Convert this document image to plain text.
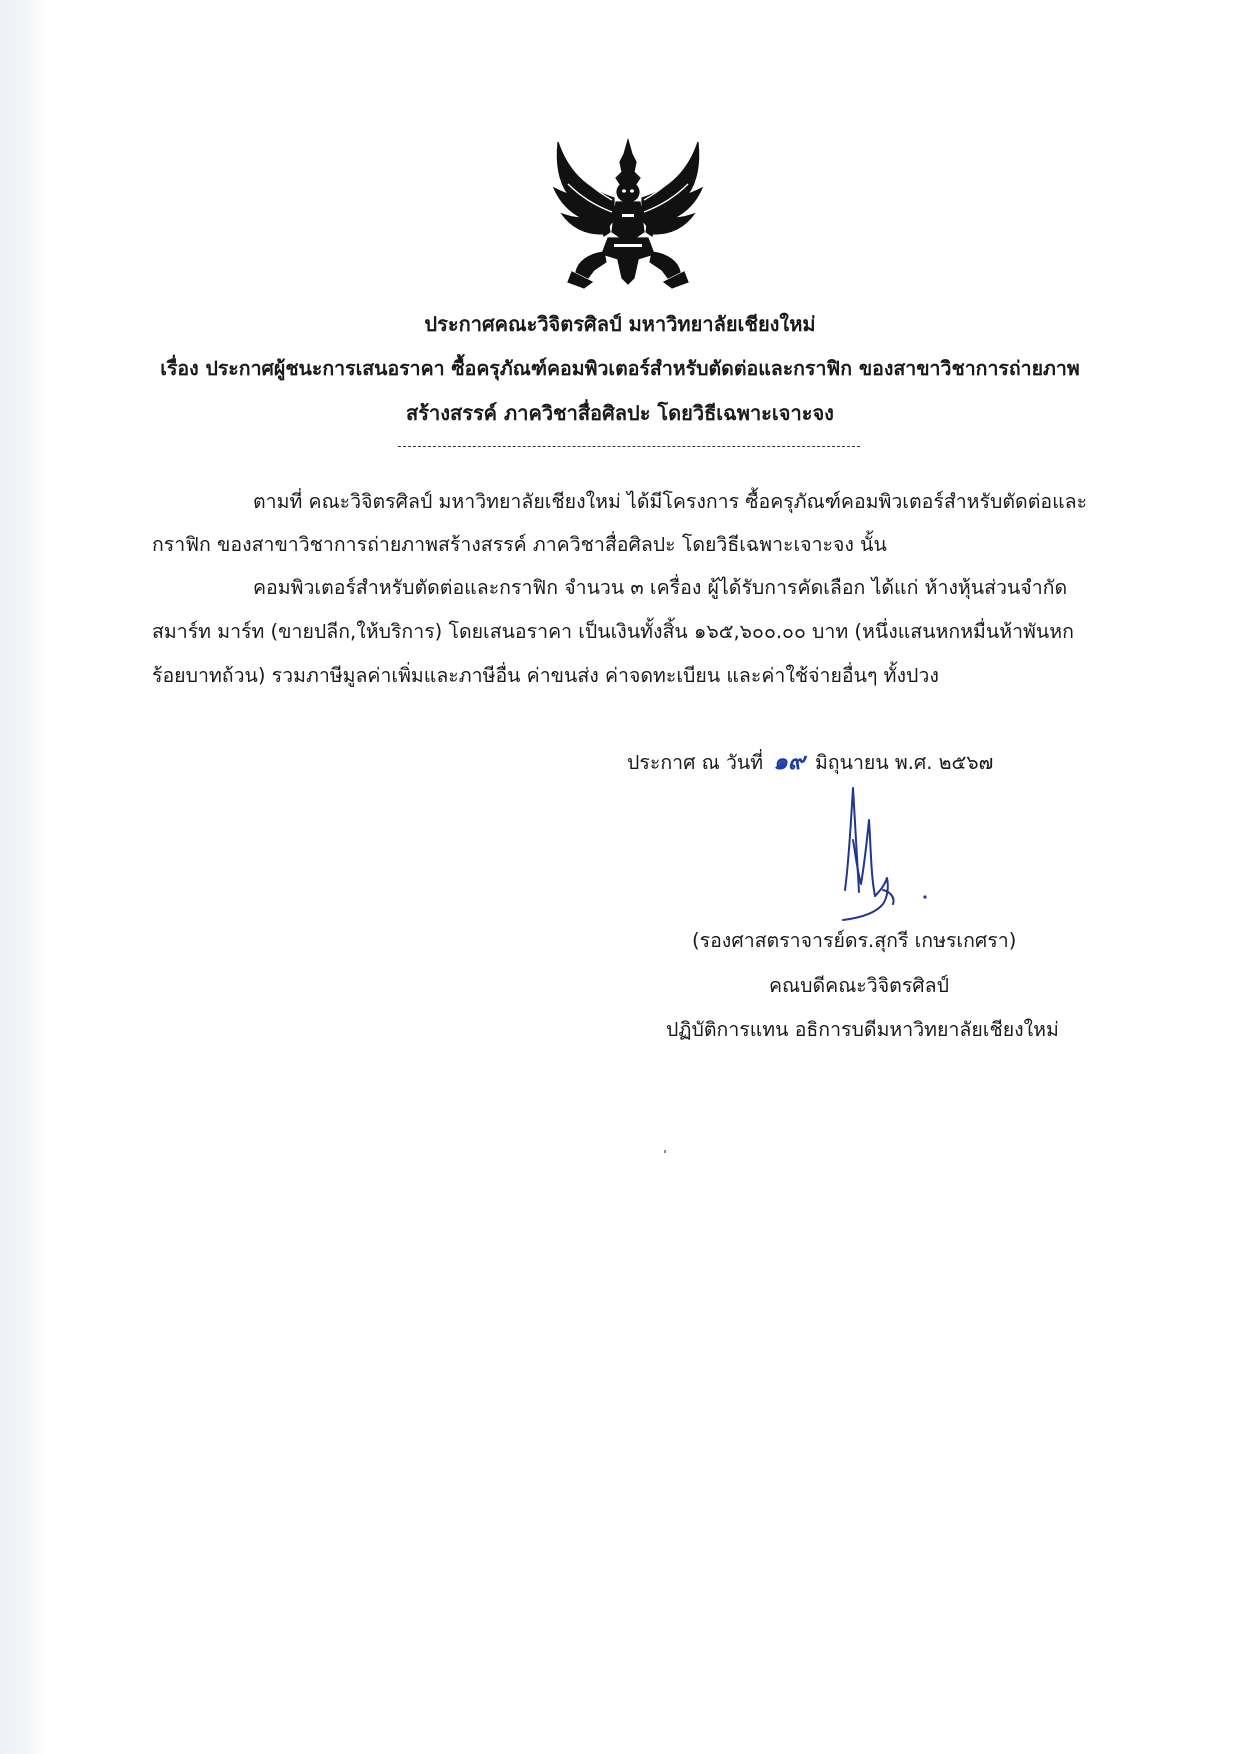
ประกาศคณะวิจิตรศิลป์ มหาวิทยาลัยเชียงใหม่
เรื่อง ประกาศผู้ชนะการเสนอราคา ซื้อครุภัณฑ์คอมพิวเตอร์สำหรับตัดต่อและกราฟิก ของสาขาวิชาการถ่ายภาพ
สร้างสรรค์ ภาควิชาสื่อศิลปะ โดยวิธีเฉพาะเจาะจง
ตามที่ คณะวิจิตรศิลป์ มหาวิทยาลัยเชียงใหม่ ได้มีโครงการ ซื้อครุภัณฑ์คอมพิวเตอร์สำหรับตัดต่อและ
กราฟิก ของสาขาวิชาการถ่ายภาพสร้างสรรค์ ภาควิชาสื่อศิลปะ โดยวิธีเฉพาะเจาะจง นั้น
คอมพิวเตอร์สำหรับตัดต่อและกราฟิก จำนวน ๓ เครื่อง ผู้ได้รับการคัดเลือก ได้แก่ ห้างหุ้นส่วนจำกัด
สมาร์ท มาร์ท (ขายปลีก,ให้บริการ) โดยเสนอราคา เป็นเงินทั้งสิ้น ๑๖๕,๖๐๐.๐๐ บาท (หนึ่งแสนหกหมื่นห้าพันหก
ร้อยบาทถ้วน) รวมภาษีมูลค่าเพิ่มและภาษีอื่น ค่าขนส่ง ค่าจดทะเบียน และค่าใช้จ่ายอื่นๆ ทั้งปวง
ประกาศ ณ วันที่ ๑๙ มิถุนายน พ.ศ. ๒๕๖๗
(รองศาสตราจารย์ดร.สุกรี เกษรเกศรา)
คณบดีคณะวิจิตรศิลป์
ปฏิบัติการแทน อธิการบดีมหาวิทยาลัยเชียงใหม่
